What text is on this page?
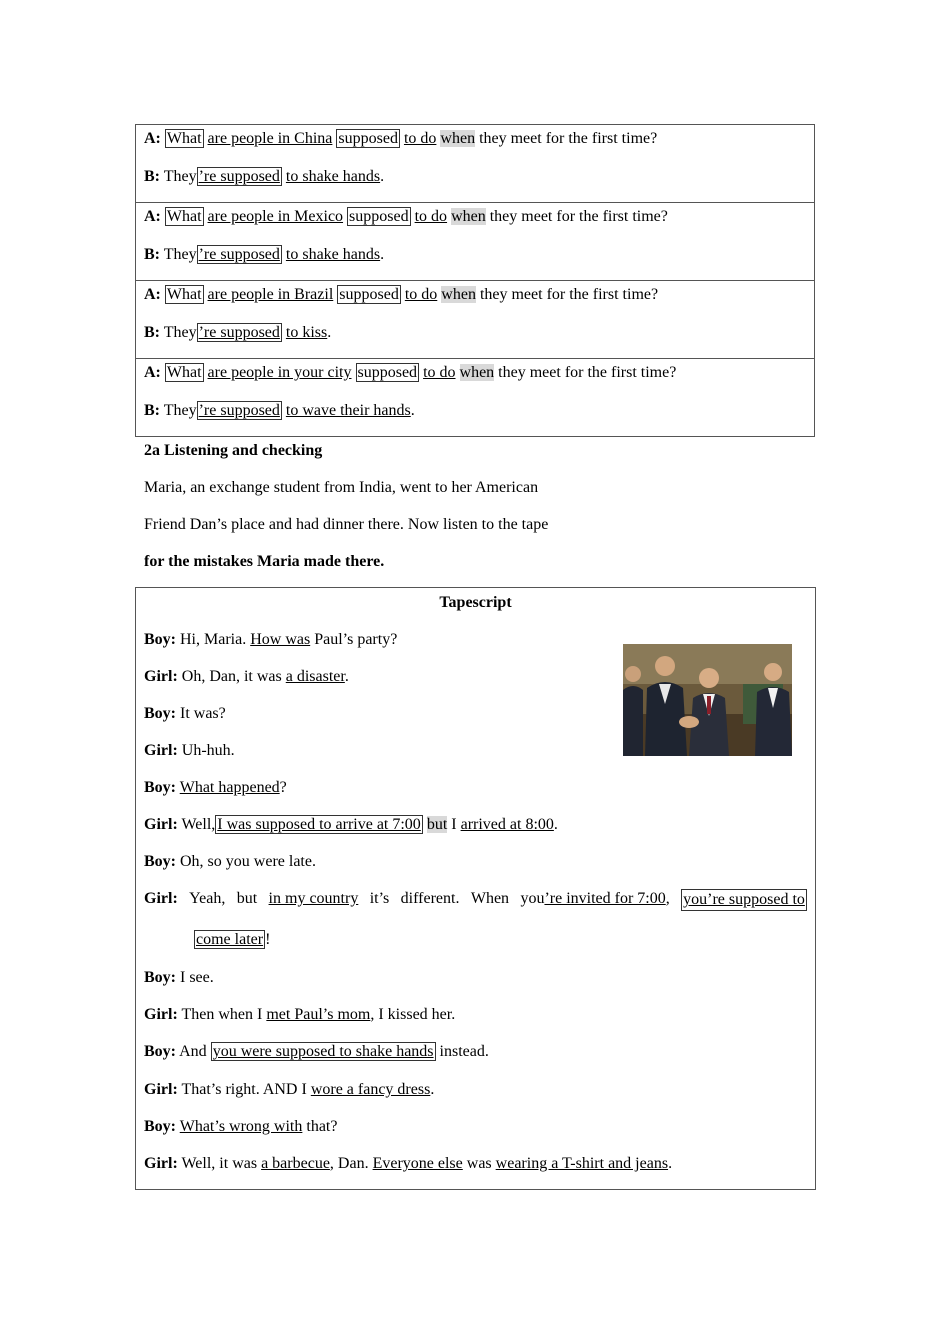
A: What are people in China supposed to do when they meet for the first time?
B: They ’re supposed to shake hands.

A: What are people in Mexico supposed to do when they meet for the first time?
B: They ’re supposed to shake hands.

A: What are people in Brazil supposed to do when they meet for the first time?
B: They ’re supposed to kiss.

A: What are people in your city supposed to do when they meet for the first time?
B: They ’re supposed to wave their hands.
2a Listening and checking
Maria, an exchange student from India, went to her American
Friend Dan’s place and had dinner there. Now listen to the tape
for the mistakes Maria made there.
Tapescript
Boy: Hi, Maria. How was Paul’s party?
Girl: Oh, Dan, it was a disaster.
Boy: It was?
Girl: Uh-huh.
Boy: What happened?
Girl: Well, I was supposed to arrive at 7:00 but I arrived at 8:00.
Boy: Oh, so you were late.
Girl: Yeah, but in my country it’s different. When you’re invited for 7:00, you’re supposed to
come later !
Boy: I see.
Girl: Then when I met Paul’s mom, I kissed her.
Boy: And you were supposed to shake hands instead.
Girl: That’s right. AND I wore a fancy dress.
Boy: What’s wrong with that?
Girl: Well, it was a barbecue, Dan. Everyone else was wearing a T-shirt and jeans.
